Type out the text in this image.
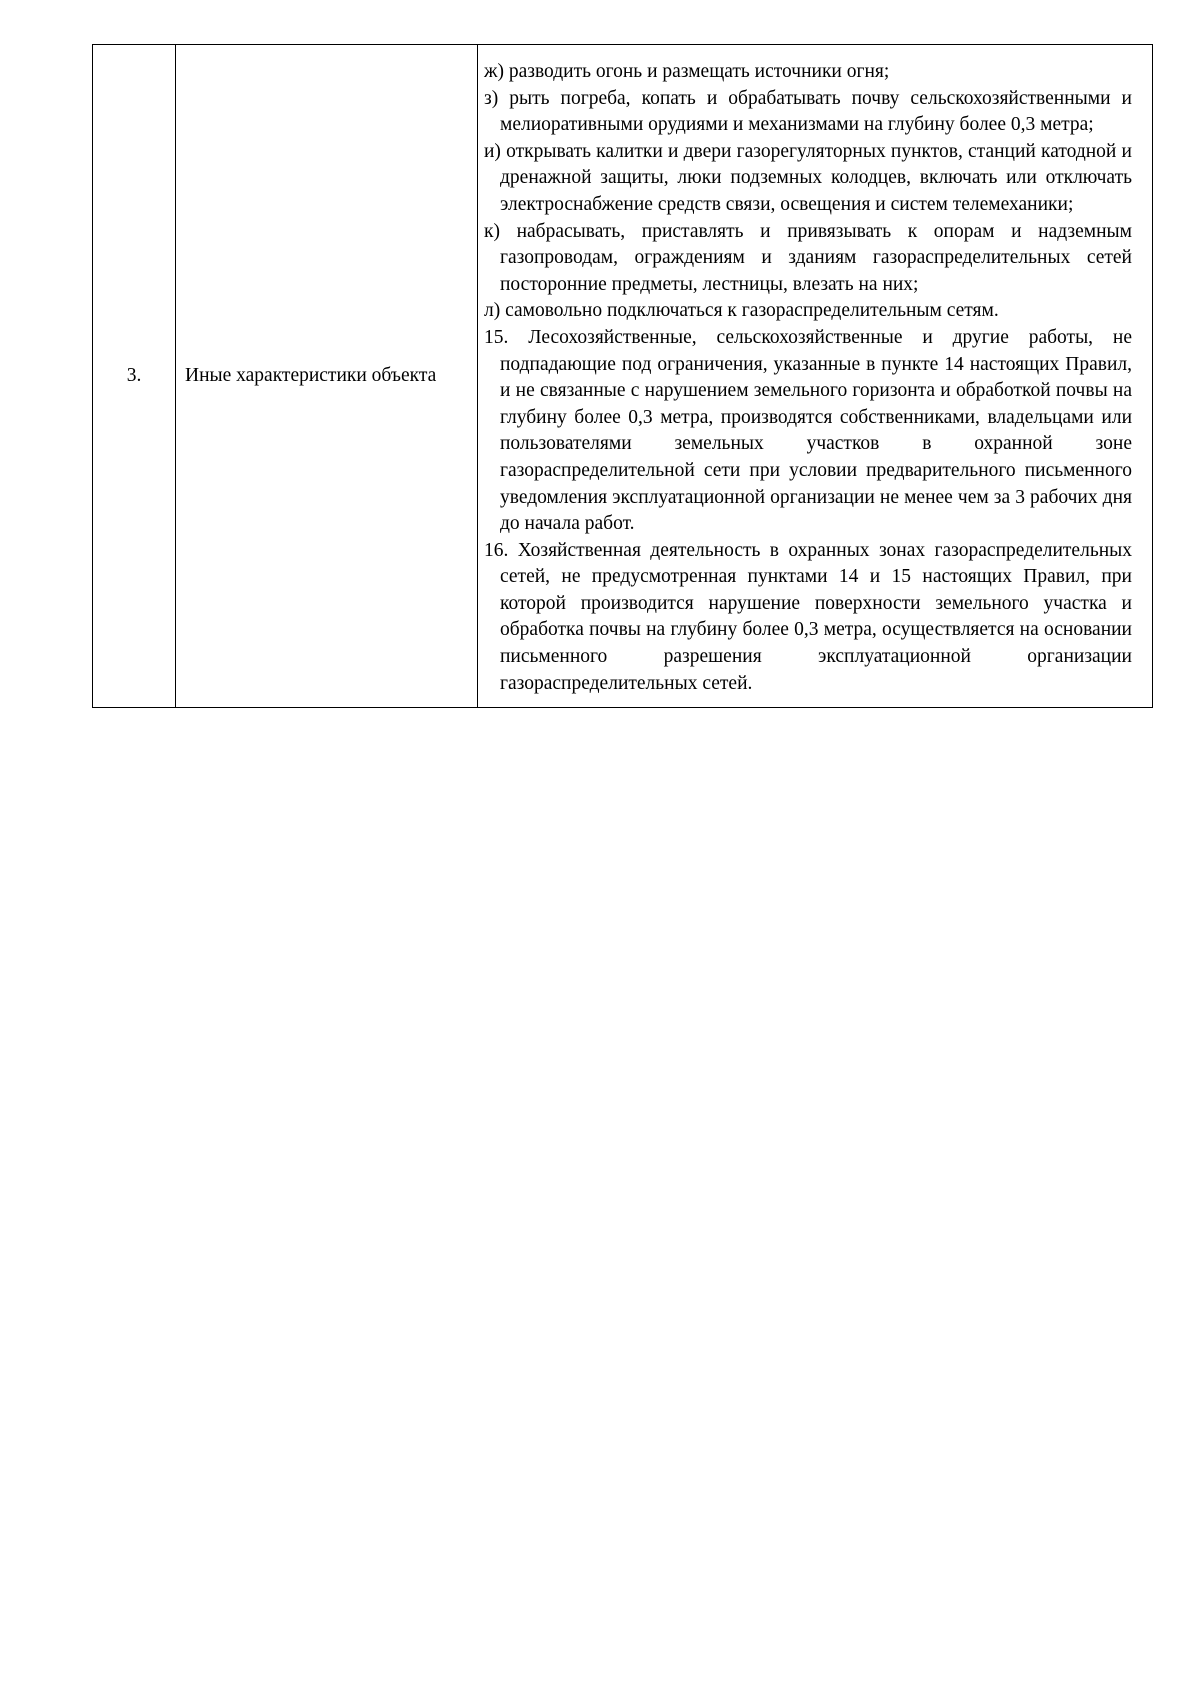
3.	Иные характеристики объекта	

ж) разводить огонь и размещать источники огня;

з) рыть погреба, копать и обрабатывать почву сельскохозяйственными и мелиоративными орудиями и механизмами на глубину более 0,3 метра;

и) открывать калитки и двери газорегуляторных пунктов, станций катодной и дренажной защиты, люки подземных колодцев, включать или отключать электроснабжение средств связи, освещения и систем телемеханики;

к) набрасывать, приставлять и привязывать к опорам и надземным газопроводам, ограждениям и зданиям газораспределительных сетей посторонние предметы, лестницы, влезать на них;

л) самовольно подключаться к газораспределительным сетям.

15. Лесохозяйственные, сельскохозяйственные и другие работы, не подпадающие под ограничения, указанные в пункте 14 настоящих Правил, и не связанные с нарушением земельного горизонта и обработкой почвы на глубину более 0,3 метра, производятся собственниками, владельцами или пользователями земельных участков в охранной зоне газораспределительной сети при условии предварительного письменного уведомления эксплуатационной организации не менее чем за 3 рабочих дня до начала работ.

16. Хозяйственная деятельность в охранных зонах газораспределительных сетей, не предусмотренная пунктами 14 и 15 настоящих Правил, при которой производится нарушение поверхности земельного участка и обработка почвы на глубину более 0,3 метра, осуществляется на основании письменного разрешения эксплуатационной организации газораспределительных сетей.
